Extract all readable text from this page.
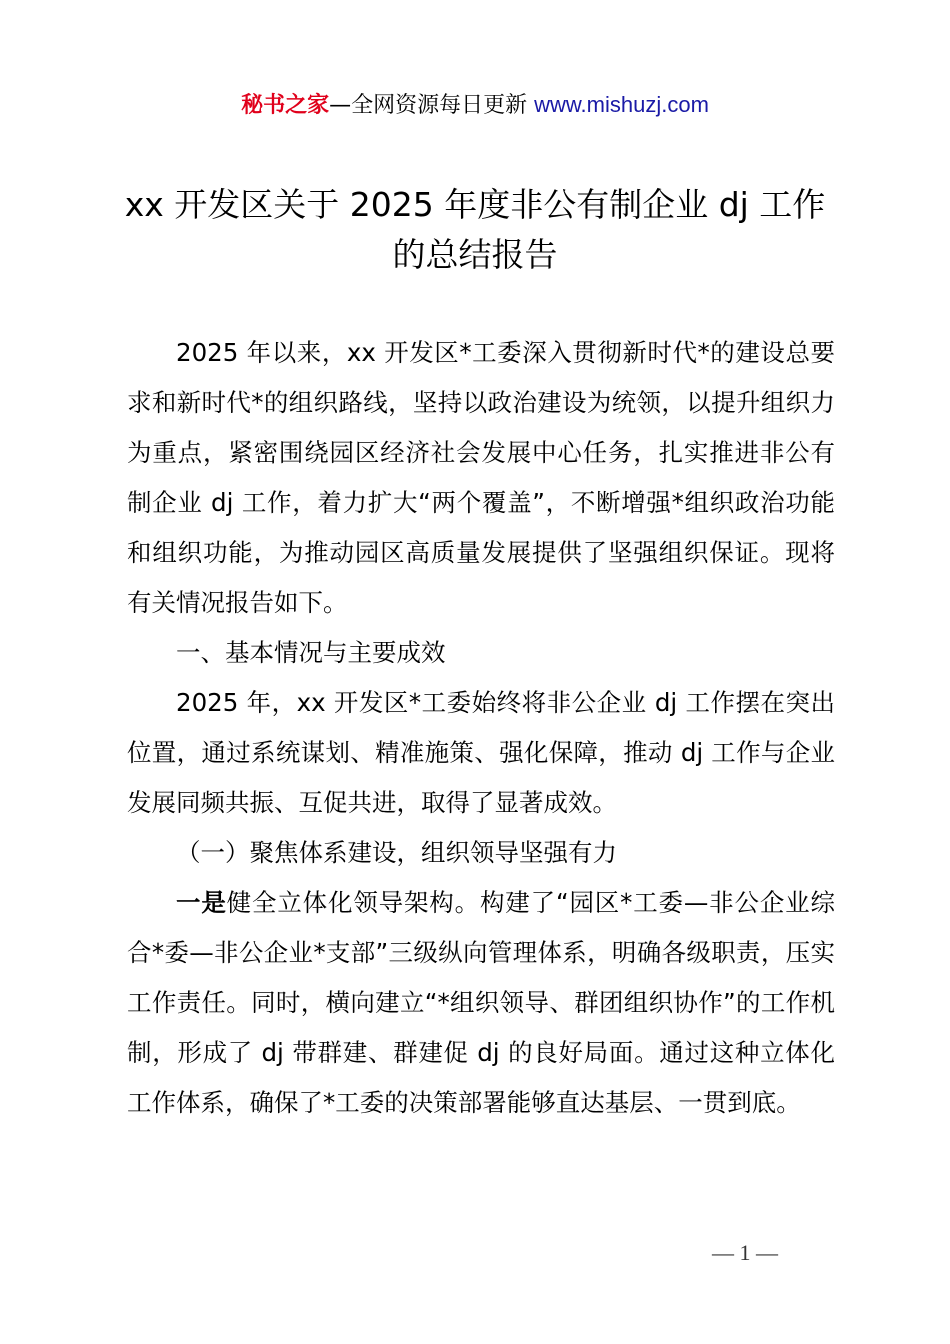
秘书之家—全网资源每日更新 www.mishuzj.com
xx 开发区关于 2025 年度非公有制企业 dj 工作
的总结报告

2025 年以来，xx 开发区*工委深入贯彻新时代*的建设总要求和新时代*的组织路线，坚持以政治建设为统领，以提升组织力为重点，紧密围绕园区经济社会发展中心任务，扎实推进非公有制企业 dj 工作，着力扩大“两个覆盖”，不断增强*组织政治功能和组织功能，为推动园区高质量发展提供了坚强组织保证。现将有关情况报告如下。

一、基本情况与主要成效

2025 年，xx 开发区*工委始终将非公企业 dj 工作摆在突出位置，通过系统谋划、精准施策、强化保障，推动 dj 工作与企业发展同频共振、互促共进，取得了显著成效。

（一）聚焦体系建设，组织领导坚强有力

一是健全立体化领导架构。构建了“园区*工委—非公企业综合*委—非公企业*支部”三级纵向管理体系，明确各级职责，压实工作责任。同时，横向建立“*组织领导、群团组织协作”的工作机制，形成了 dj 带群建、群建促 dj 的良好局面。通过这种立体化工作体系，确保了*工委的决策部署能够直达基层、一贯到底。

— 1 —
